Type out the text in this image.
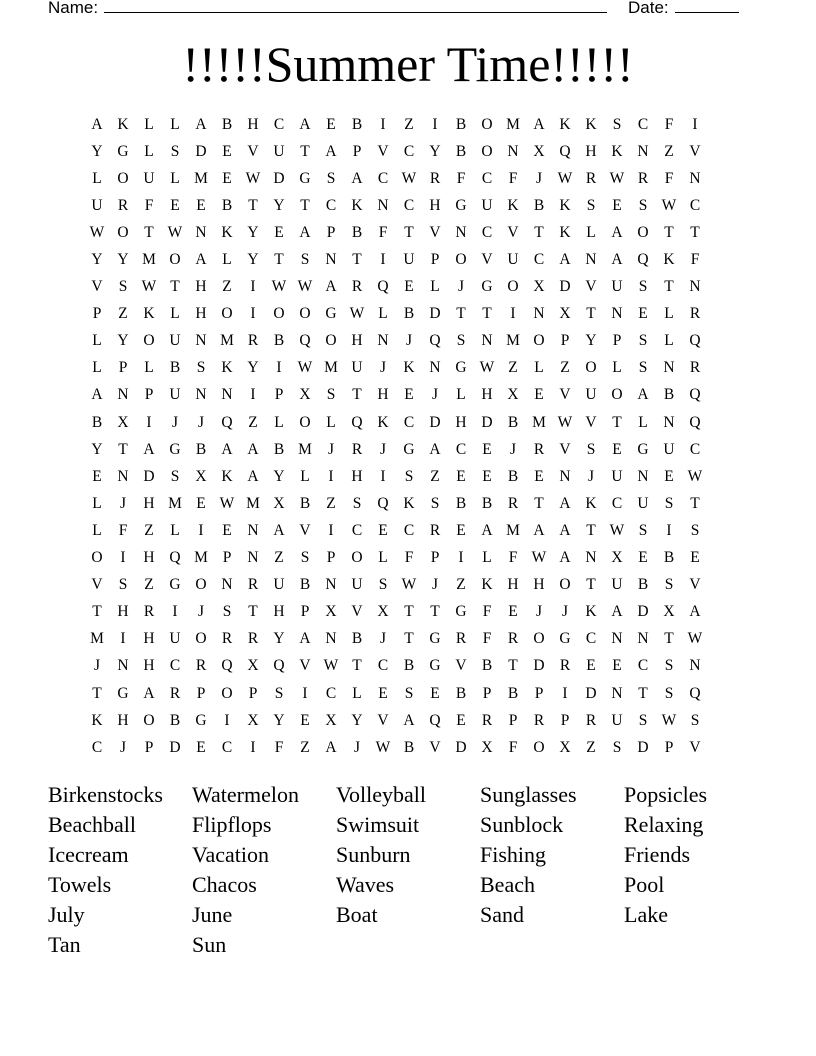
Name:	Date:
!!!!!Summer Time!!!!!
A K	L	L	A B H C A	E	B	I	Z	I	B O M A K K	S	C	F	I
Y G	L	S	D	E	V U	T	A	P	V C Y B O N X Q H K N	Z	V
L	O U	L M E W D G	S	A C W R	F	C	F	J	W R W R	F	N
U R	F	E	E	B	T	Y	T	C K N C H G U K B K	S	E	S W C
W O	T W N K Y	E	A	P	B	F	T	V N C V	T	K	L	A O	T	T
Y Y M O A	L	Y	T	S	N	T	I	U	P	O V U C A N A Q K	F
V	S W T	H	Z	I	W W A R Q	E	L	J	G O X D V U	S	T	N
P	Z	K	L	H O	I	O O G W L	B D	T	T	I	N X	T	N	E	L	R
L	Y O U N M R	B Q O H N	J	Q	S	N M O	P	Y	P	S	L	Q
L	P	L	B	S	K Y	I	W M U	J	K N G W Z	L	Z	O	L	S	N R
A N	P	U N N	I	P	X	S	T	H	E	J	L	H X	E	V U O A B Q
B X	I	J	J	Q	Z	L	O	L	Q K C D H D B M W V	T	L	N Q
Y	T	A G B A A B M	J	R	J	G A C	E	J	R V	S	E	G U C
E	N D	S	X K A Y	L	I	H	I	S	Z	E	E	B	E	N	J	U N	E W
L	J	H M E W M X B	Z	S	Q K	S	B	B	R	T	A K C U	S	T
L	F	Z	L	I	E	N A V	I	C	E	C	R	E	A M A A	T W S	I	S
O	I	H Q M P	N	Z	S	P	O	L	F	P	I	L	F W A N X	E	B	E
V	S	Z	G O N R U B N U	S W	J	Z	K H H O	T	U B	S	V
T	H R	I	J	S	T	H	P	X V X	T	T	G	F	E	J	J	K A D X A
M	I	H U O R	R Y A N B	J	T	G R	F	R O G C N N	T W
J	N H C	R Q X Q V W T	C	B G V B	T	D R	E	E	C	S	N
T	G A R	P	O	P	S	I	C	L	E	S	E	B	P	B	P	I	D N	T	S	Q
K H O B G	I	X Y	E	X Y V A Q	E	R	P	R	P	R U	S W S
C	J	P	D	E	C	I	F	Z	A	J	W B V D X	F	O X	Z	S	D	P	V
Birkenstocks	Watermelon	Volleyball	Sunglasses	Popsicles
Beachball	Flipflops	Swimsuit	Sunblock	Relaxing
Icecream	Vacation	Sunburn	Fishing	Friends
Towels	Chacos	Waves	Beach	Pool
July	June	Boat	Sand	Lake
Tan	Sun
